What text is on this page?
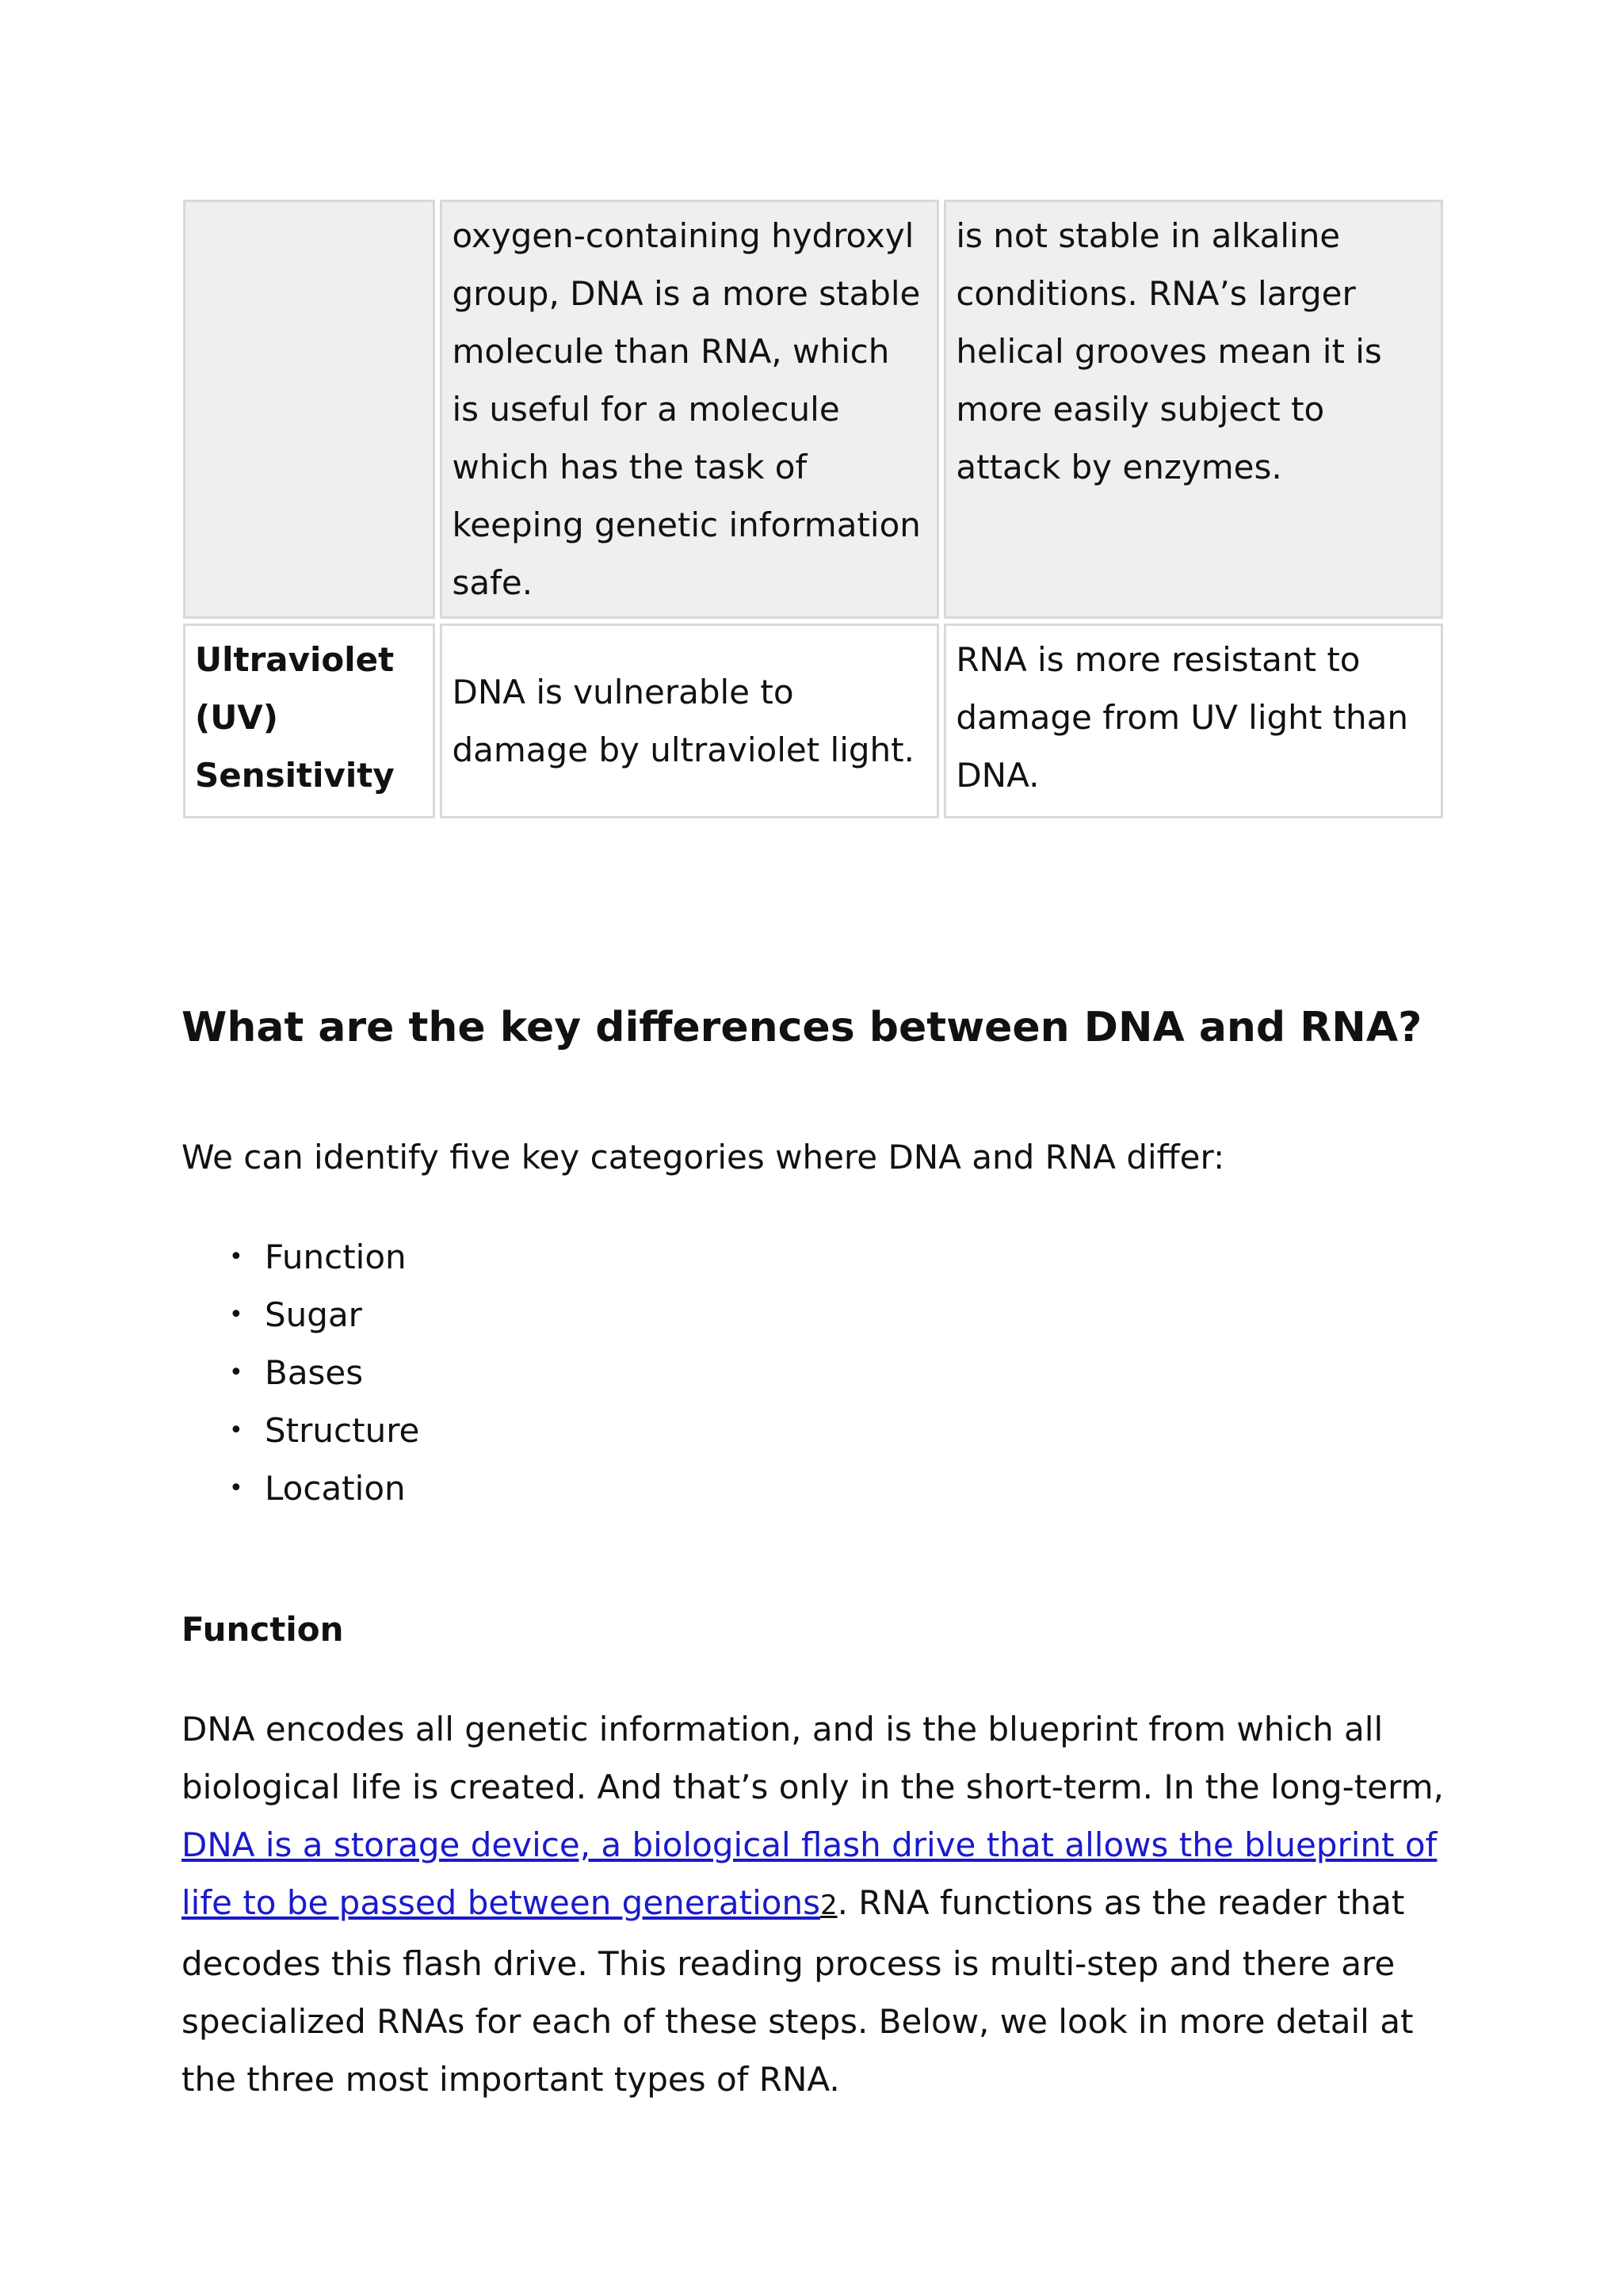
	oxygen-containing hydroxyl group, DNA is a more stable molecule than RNA, which is useful for a molecule which has the task of keeping genetic information safe.	is not stable in alkaline conditions. RNA’s larger helical grooves mean it is more easily subject to attack by enzymes.
Ultraviolet (UV) Sensitivity	DNA is vulnerable to damage by ultraviolet light.	RNA is more resistant to damage from UV light than DNA.
What are the key differences between DNA and RNA?

We can identify five key categories where DNA and RNA differ:

• Function
• Sugar
• Bases
• Structure
• Location
Function

DNA encodes all genetic information, and is the blueprint from which all biological life is created. And that’s only in the short-term. In the long-term, DNA is a storage device, a biological flash drive that allows the blueprint of life to be passed between generations2. RNA functions as the reader that decodes this flash drive. This reading process is multi-step and there are specialized RNAs for each of these steps. Below, we look in more detail at the three most important types of RNA.
